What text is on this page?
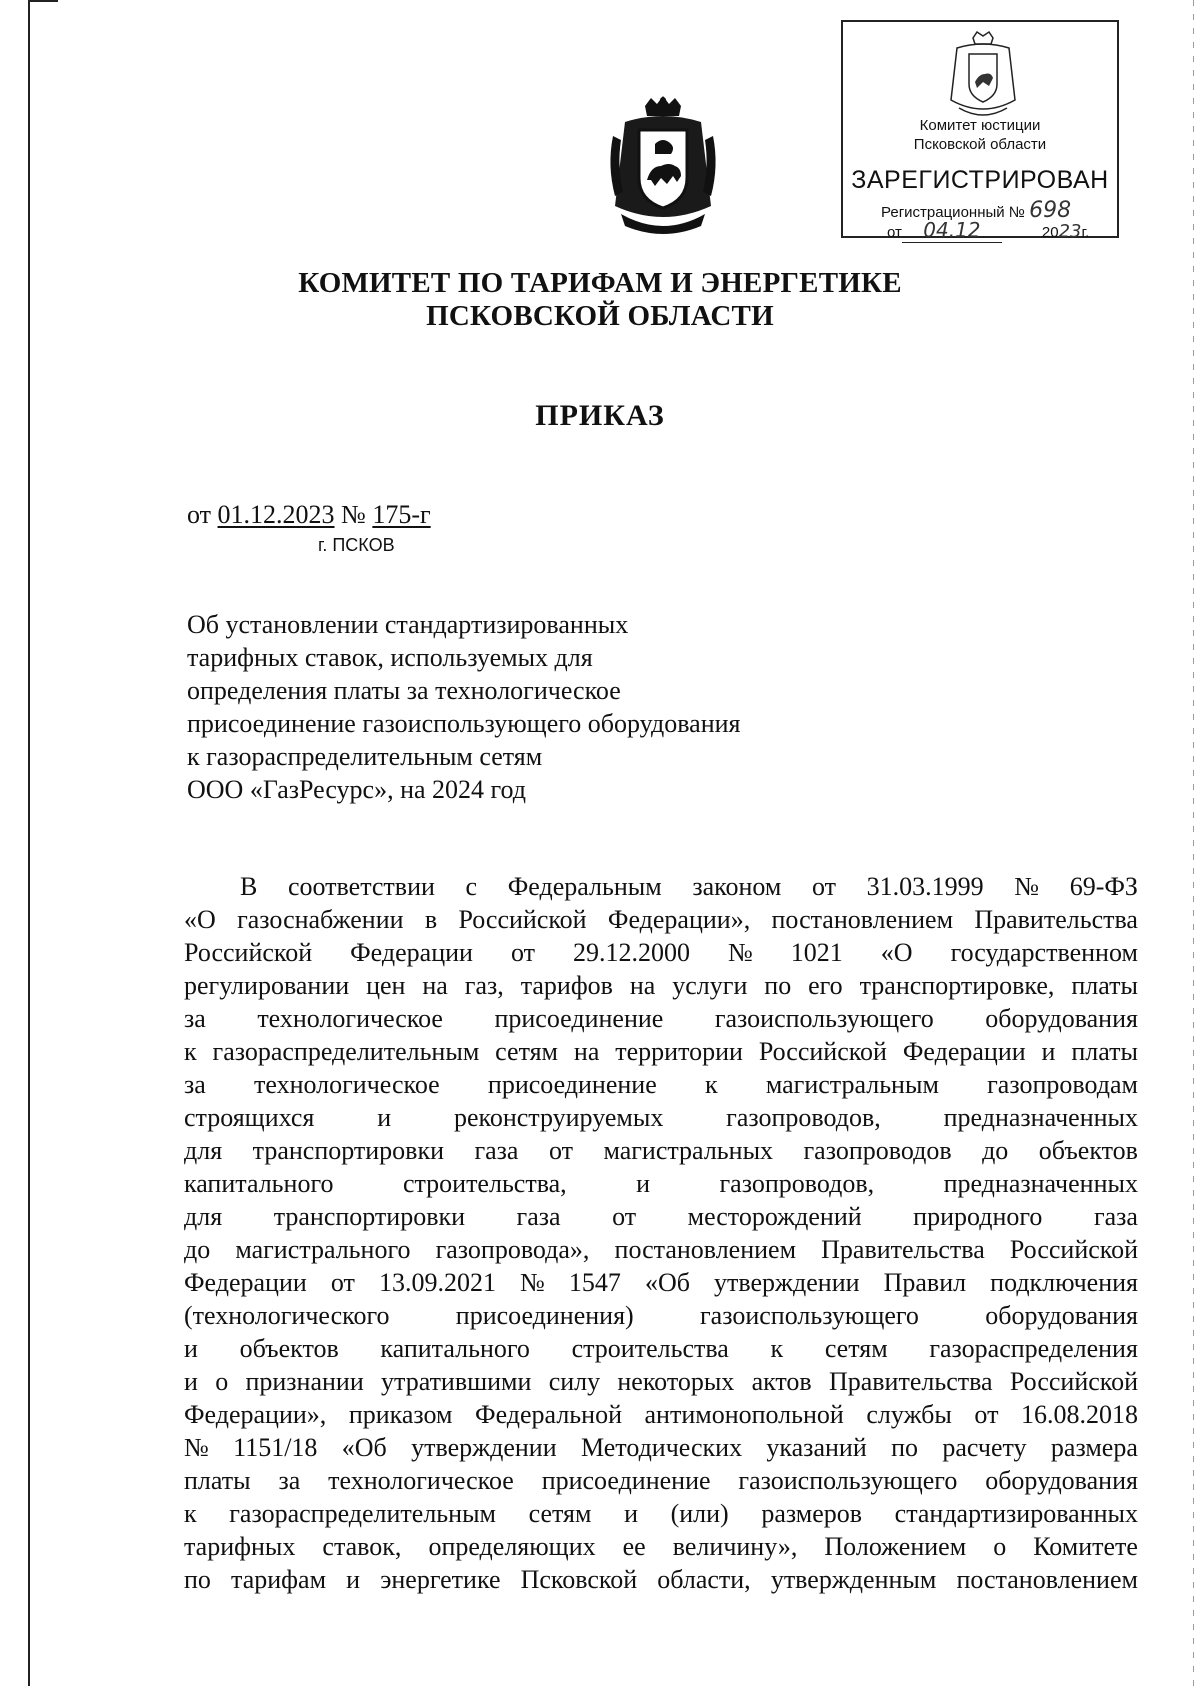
Комитет юстиции
Псковской области
ЗАРЕГИСТРИРОВАН
Регистрационный № 698
от 04.12	2023г.
КОМИТЕТ ПО ТАРИФАМ И ЭНЕРГЕТИКЕ
ПСКОВСКОЙ ОБЛАСТИ
ПРИКАЗ
от 01.12.2023 № 175-г
г. ПСКОВ
Об установлении стандартизированных
тарифных ставок, используемых для
определения платы за технологическое
присоединение газоиспользующего оборудования
к газораспределительным сетям
ООО «ГазРесурс», на 2024 год
В соответствии с Федеральным законом от 31.03.1999 № 69-ФЗ
«О газоснабжении в Российской Федерации», постановлением Правительства
Российской Федерации от 29.12.2000 № 1021 «О государственном
регулировании цен на газ, тарифов на услуги по его транспортировке, платы
за технологическое присоединение газоиспользующего оборудования
к газораспределительным сетям на территории Российской Федерации и платы
за технологическое присоединение к магистральным газопроводам
строящихся и реконструируемых газопроводов, предназначенных
для транспортировки газа от магистральных газопроводов до объектов
капитального	строительства,	и	газопроводов,	предназначенных
для транспортировки газа от месторождений природного газа
до магистрального газопровода», постановлением Правительства Российской
Федерации от 13.09.2021 № 1547 «Об утверждении Правил подключения
(технологического	присоединения)	газоиспользующего	оборудования
и объектов капитального строительства к сетям газораспределения
и о признании утратившими силу некоторых актов Правительства Российской
Федерации», приказом Федеральной антимонопольной службы от 16.08.2018
№ 1151/18 «Об утверждении Методических указаний по расчету размера
платы за технологическое присоединение газоиспользующего оборудования
к газораспределительным сетям и (или) размеров стандартизированных
тарифных ставок, определяющих ее величину», Положением о Комитете
по тарифам и энергетике Псковской области, утвержденным постановлением
